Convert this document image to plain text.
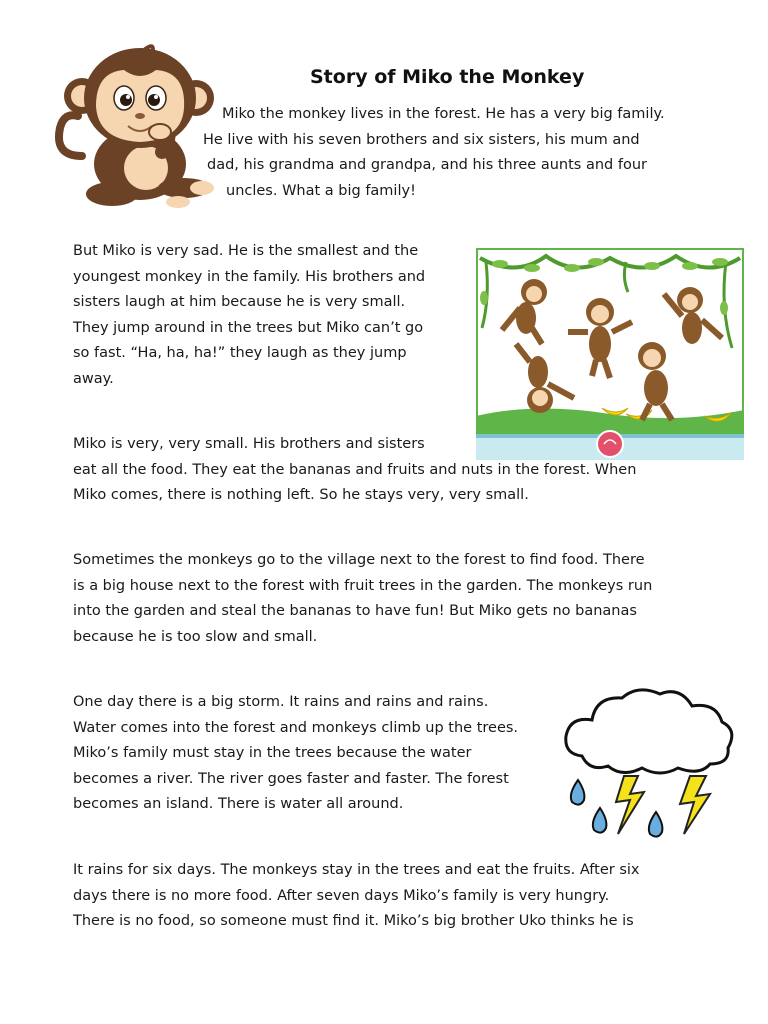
Story of Miko the Monkey
Miko the monkey lives in the forest. He has a very big family.
He live with his seven brothers and six sisters, his mum and
dad, his grandma and grandpa, and his three aunts and four
uncles. What a big family!
But Miko is very sad. He is the smallest and the
youngest monkey in the family. His brothers and
sisters laugh at him because he is very small.
They jump around in the trees but Miko can’t go
so fast. “Ha, ha, ha!” they laugh as they jump
away.
Miko is very, very small. His brothers and sisters
eat all the food. They eat the bananas and fruits and nuts in the forest. When
Miko comes, there is nothing left. So he stays very, very small.
Sometimes the monkeys go to the village next to the forest to find food. There
is a big house next to the forest with fruit trees in the garden. The monkeys run
into the garden and steal the bananas to have fun! But Miko gets no bananas
because he is too slow and small.
One day there is a big storm. It rains and rains and rains.
Water comes into the forest and monkeys climb up the trees.
Miko’s family must stay in the trees because the water
becomes a river. The river goes faster and faster. The forest
becomes an island. There is water all around.
It rains for six days. The monkeys stay in the trees and eat the fruits. After six
days there is no more food. After seven days Miko’s family is very hungry.
There is no food, so someone must find it. Miko’s big brother Uko thinks he is
